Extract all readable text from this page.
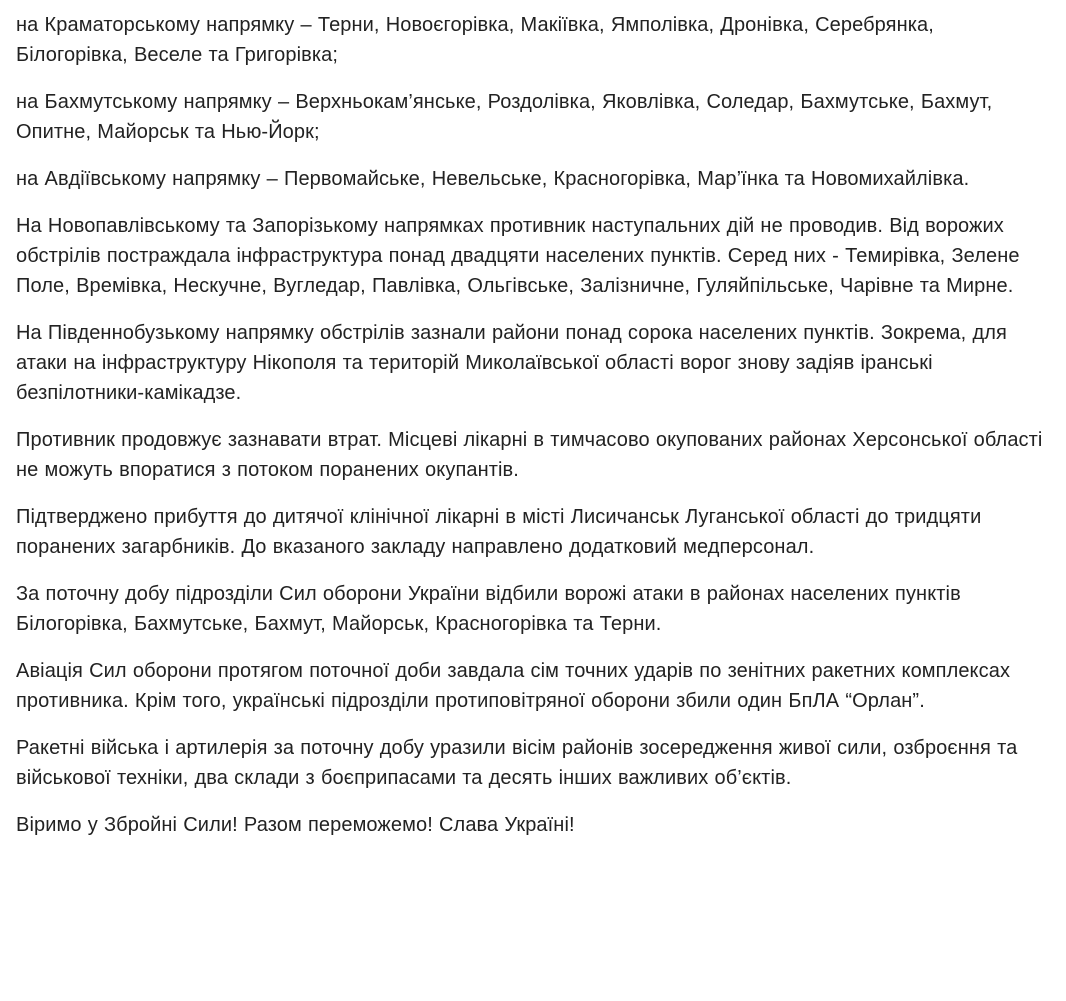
на Краматорському напрямку – Терни, Новоєгорівка, Макіївка, Ямполівка, Дронівка, Серебрянка, Білогорівка, Веселе та Григорівка;

на Бахмутському напрямку – Верхньокам’янське, Роздолівка, Яковлівка, Соледар, Бахмутське, Бахмут, Опитне, Майорськ та Нью-Йорк;

на Авдіївському напрямку – Первомайське, Невельське, Красногорівка, Мар’їнка та Новомихайлівка.

На Новопавлівському та Запорізькому напрямках противник наступальних дій не проводив. Від ворожих обстрілів постраждала інфраструктура понад двадцяти населених пунктів. Серед них - Темирівка, Зелене Поле, Времівка, Нескучне, Вугледар, Павлівка, Ольгівське, Залізничне, Гуляйпільське, Чарівне та Мирне.

На Південнобузькому напрямку обстрілів зазнали райони понад сорока населених пунктів. Зокрема, для атаки на інфраструктуру Нікополя та територій Миколаївської області ворог знову задіяв іранські безпілотники-камікадзе.

Противник продовжує зазнавати втрат. Місцеві лікарні в тимчасово окупованих районах Херсонської області не можуть впоратися з потоком поранених окупантів.

Підтверджено прибуття до дитячої клінічної лікарні в місті Лисичанськ Луганської області до тридцяти поранених загарбників. До вказаного закладу направлено додатковий медперсонал.

За поточну добу підрозділи Сил оборони України відбили ворожі атаки в районах населених пунктів Білогорівка, Бахмутське, Бахмут, Майорськ, Красногорівка та Терни.

Авіація Сил оборони протягом поточної доби завдала сім точних ударів по зенітних ракетних комплексах противника. Крім того, українські підрозділи протиповітряної оборони збили один БпЛА “Орлан”.

Ракетні війська і артилерія за поточну добу уразили вісім районів зосередження живої сили, озброєння та військової техніки, два склади з боєприпасами та десять інших важливих об’єктів.

Віримо у Збройні Сили! Разом переможемо! Слава Україні!
